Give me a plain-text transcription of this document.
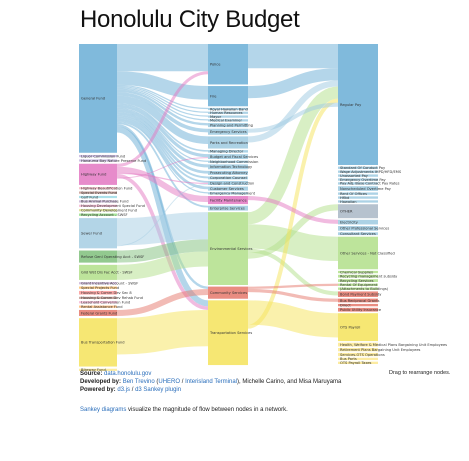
Honolulu City Budget
General Fund
Liquor Commission Fund
Hanauma Bay Nature Preserve Fund
Highway Fund
Highway Beautification Fund
Special Events Fund
Golf Fund
Bus Animal Purchase Fund
Housing Development Special Fund
Community Development Fund
Recycling Account - SWSF
Sewer Fund
Refuse Genl Operating Acct - SWSF
Glid Wst Dis Fac Acct - SWSF
Grant Incentive Account - SWSF
Special Projects Fund
Housing & Comm Dev Sec 8
Housing & Comm Dev Rehab Fund
Leasehold Conversion Fund
Rental Assistance Fund
Federal Grants Fund
Bus Transportation Fund
Bikeway Fund
Police
Fire
Royal Hawaiian Band
Human Resources
Mayor
Medical Examiner
Planning and Permitting
Emergency Services
Parks and Recreation
Managing Director
Budget and Fiscal Services
Neighborhood Commission
Information Technology
Prosecuting Attorney
Corporation Counsel
Design and Construction
Customer Services
Emergency Management
Facility Maintenance
Enterprise Services
Environmental Services
Community Services
Transportation Services
Regular Pay
Standard Of Conduct Pay
Wage Adjustments IHPD/HFD/EMS
Unassorted Pay
Emergency Overtime Pay
Pay Adj. Base Contract Pay Rates
Nonscheduled Overtime Pay
Rent Of Offices
Hflkd
Hawaiian
OTHER
Electricity
Other Professional Services
Consultant Services
Other Services - Not Classified
Chemical Supplies
Recycling management subsidy
Recycling Services
Rental Of Equipment
(Attachments to Buildings)
Bond Payment Subsidy
Bus Reciprocal Grants
Direct
Public Utility Insurance
OTS Payroll
Health, Welfare & Medical Plans Bargaining Unit Employees
Retirement Plans Bargaining Unit Employees
Services-OTS Operations
Bus Parts
OTS Payroll Taxes
Source: data.honolulu.gov
Developed by: Ben Trevino (UHERO / Interisland Terminal), Michelle Carino, and Misa Maruyama
Powered by: d3.js / d3 Sankey plugin
Drag to rearrange nodes.
Sankey diagrams visualize the magnitude of flow between nodes in a network.
